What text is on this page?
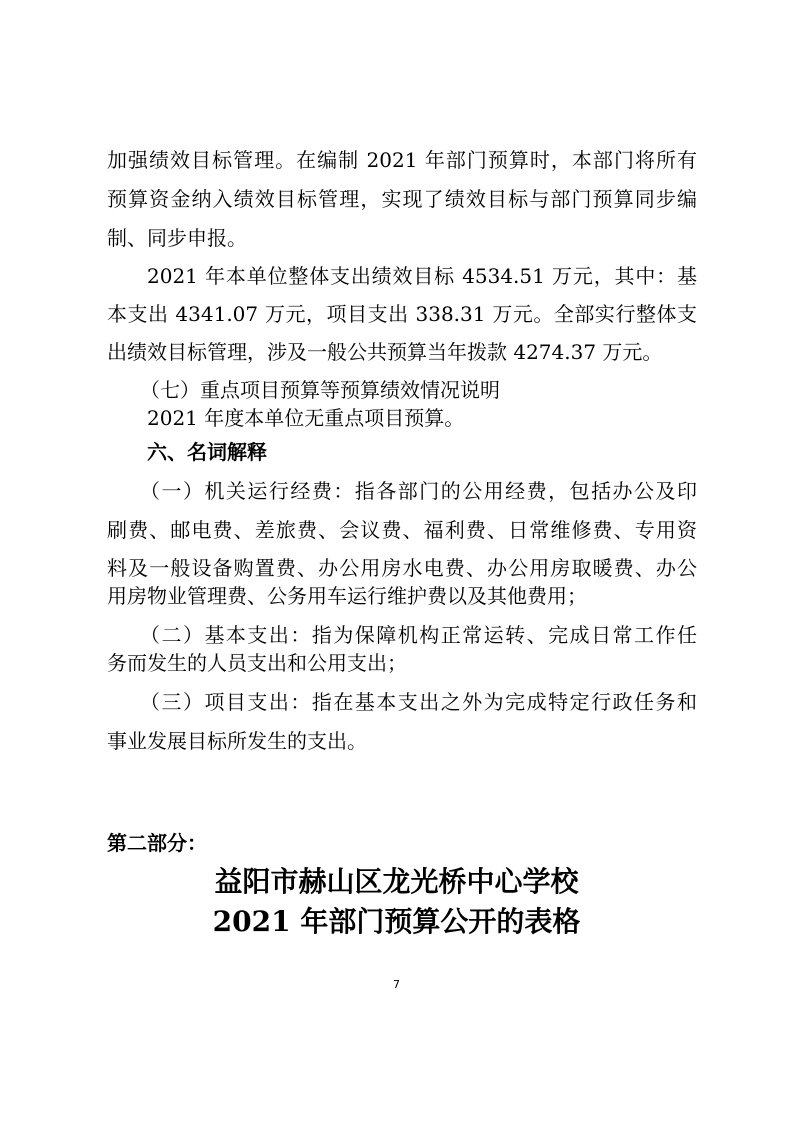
加强绩效目标管理。在编制 2021 年部门预算时，本部门将所有

预算资金纳入绩效目标管理，实现了绩效目标与部门预算同步编

制、同步申报。

2021 年本单位整体支出绩效目标 4534.51 万元，其中：基

本支出 4341.07 万元，项目支出 338.31 万元。全部实行整体支

出绩效目标管理，涉及一般公共预算当年拨款 4274.37 万元。

（七）重点项目预算等预算绩效情况说明

2021 年度本单位无重点项目预算。

六、名词解释

（一）机关运行经费：指各部门的公用经费，包括办公及印

刷费、邮电费、差旅费、会议费、福利费、日常维修费、专用资

料及一般设备购置费、办公用房水电费、办公用房取暖费、办公

用房物业管理费、公务用车运行维护费以及其他费用；

（二）基本支出：指为保障机构正常运转、完成日常工作任

务而发生的人员支出和公用支出；

（三）项目支出：指在基本支出之外为完成特定行政任务和

事业发展目标所发生的支出。

第二部分：

益阳市赫山区龙光桥中心学校

2021 年部门预算公开的表格

7
